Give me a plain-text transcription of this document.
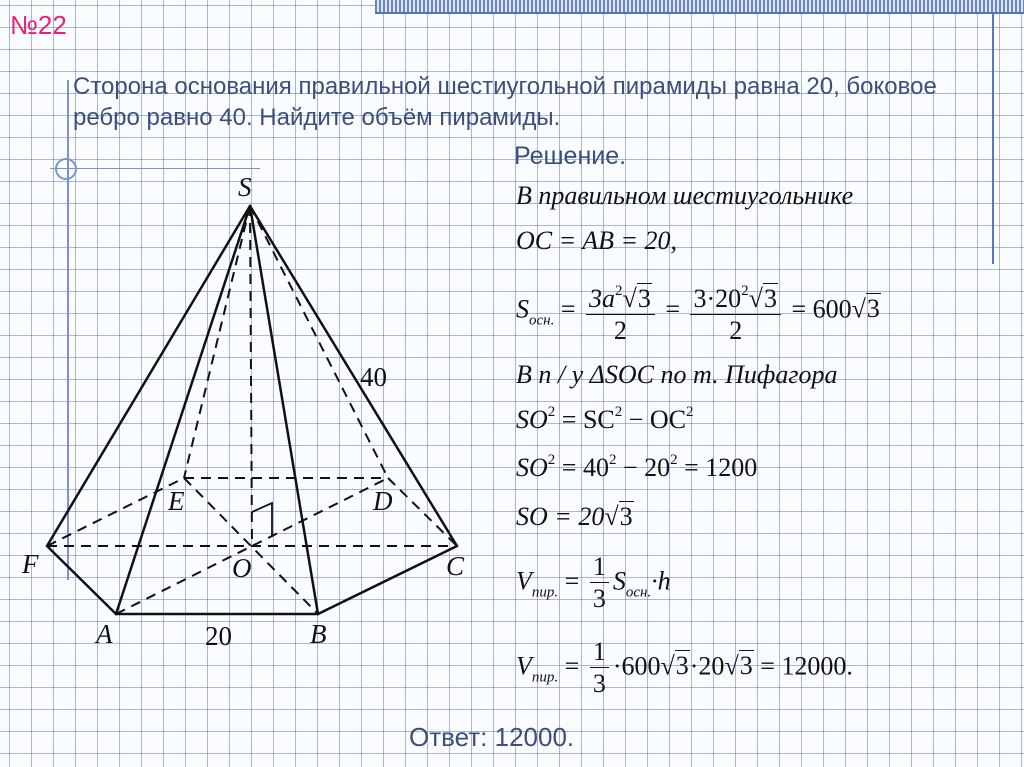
№22
Сторона основания правильной шестиугольной пирамиды равна 20, боковое ребро равно 40. Найдите объём пирамиды.
S
A	B
C
D
E
F	O
40
20
Решение.
В правильном шестиугольнике
OC = AB = 20,
$S_{осн.} = \frac{3a^2√3}{2} = \frac{3\cdot 20^2√3}{2} = 600√3$
В п / у ΔSOC по т. Пифагора
$SO^2 = SC^2 - OC^2$
$SO^2 = 40^2 - 20^2 = 1200$
SO = 20√3
$V_{пир.} = \frac{1}{3} S_{осн.}\cdot h$
$V_{пир.} = \frac{1}{3} \cdot 600√3\cdot 20√3 = 12000$.
Ответ: 12000.
